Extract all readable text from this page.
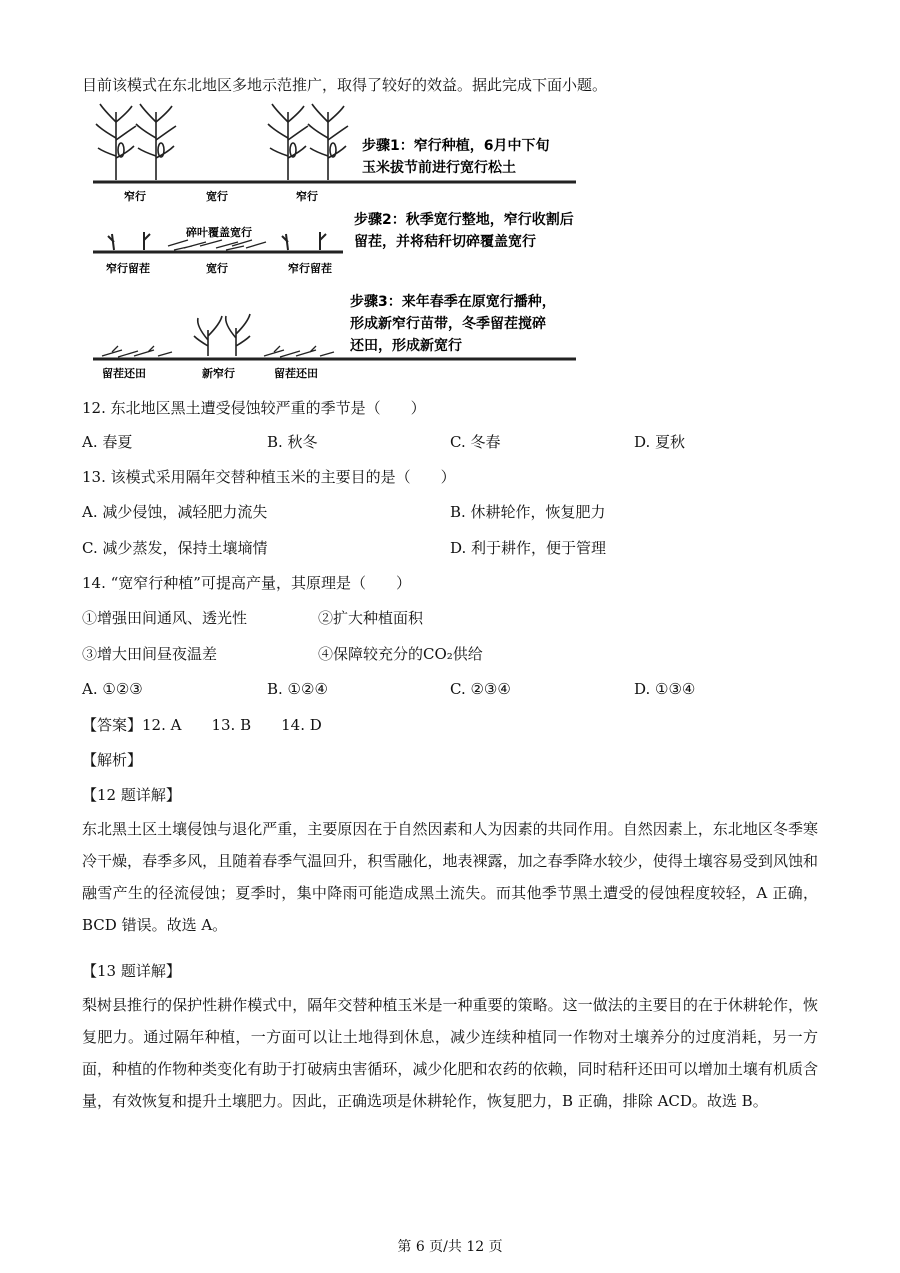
目前该模式在东北地区多地示范推广，取得了较好的效益。据此完成下面小题。
窄行	宽行	窄行
步骤1：窄行种植，6月中下旬
玉米拔节前进行宽行松土
碎叶覆盖宽行
窄行留茬	宽行	窄行留茬
步骤2：秋季宽行整地，窄行收割后
留茬，并将秸秆切碎覆盖宽行
留茬还田	新窄行	留茬还田
步骤3：来年春季在原宽行播种，
形成新窄行苗带，冬季留茬搅碎
还田，形成新宽行
12. 东北地区黑土遭受侵蚀较严重的季节是（　　）
A. 春夏	B. 秋冬	C. 冬春	D. 夏秋
13. 该模式采用隔年交替种植玉米的主要目的是（　　）
A. 减少侵蚀，减轻肥力流失	B. 休耕轮作，恢复肥力
C. 减少蒸发，保持土壤墒情	D. 利于耕作，便于管理
14. “宽窄行种植”可提高产量，其原理是（　　）
①增强田间通风、透光性	②扩大种植面积
③增大田间昼夜温差	④保障较充分的CO₂供给
A. ①②③	B. ①②④	C. ②③④	D. ①③④
【答案】12. A　　13. B　　14. D
【解析】
【12 题详解】
东北黑土区土壤侵蚀与退化严重，主要原因在于自然因素和人为因素的共同作用。自然因素上，东北地区冬季寒冷干燥，春季多风，且随着春季气温回升，积雪融化，地表裸露，加之春季降水较少，使得土壤容易受到风蚀和融雪产生的径流侵蚀；夏季时，集中降雨可能造成黑土流失。而其他季节黑土遭受的侵蚀程度较轻，A 正确，BCD 错误。故选 A。
【13 题详解】
梨树县推行的保护性耕作模式中，隔年交替种植玉米是一种重要的策略。这一做法的主要目的在于休耕轮作，恢复肥力。通过隔年种植，一方面可以让土地得到休息，减少连续种植同一作物对土壤养分的过度消耗，另一方面，种植的作物种类变化有助于打破病虫害循环，减少化肥和农药的依赖，同时秸秆还田可以增加土壤有机质含量，有效恢复和提升土壤肥力。因此，正确选项是休耕轮作，恢复肥力，B 正确，排除 ACD。故选 B。
第 6 页/共 12 页
